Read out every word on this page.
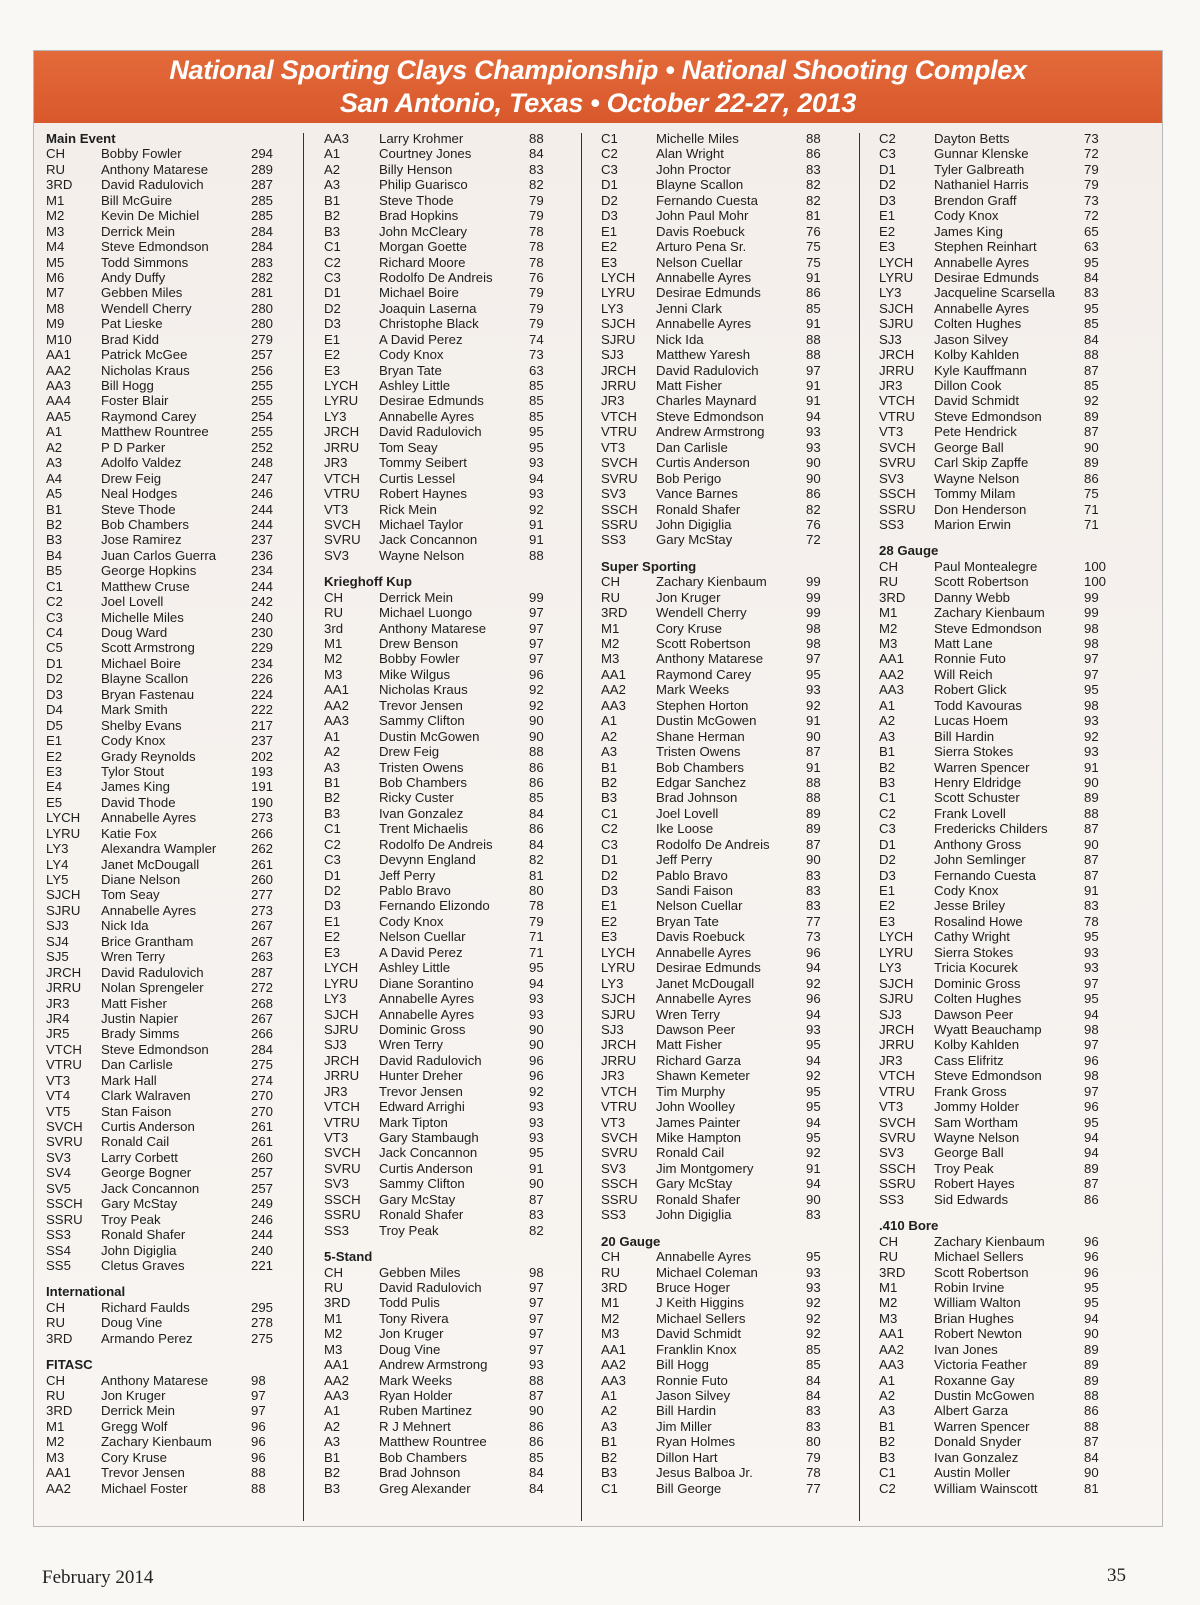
National Sporting Clays Championship • National Shooting Complex
San Antonio, Texas • October 22-27, 2013
Main Event
CH	Bobby Fowler	294
RU	Anthony Matarese	289
3RD	David Radulovich	287
M1	Bill McGuire	285
M2	Kevin De Michiel	285
M3	Derrick Mein	284
M4	Steve Edmondson	284
M5	Todd Simmons	283
M6	Andy Duffy	282
M7	Gebben Miles	281
M8	Wendell Cherry	280
M9	Pat Lieske	280
M10	Brad Kidd	279
AA1	Patrick McGee	257
AA2	Nicholas Kraus	256
AA3	Bill Hogg	255
AA4	Foster Blair	255
AA5	Raymond Carey	254
A1	Matthew Rountree	255
A2	P D Parker	252
A3	Adolfo Valdez	248
A4	Drew Feig	247
A5	Neal Hodges	246
B1	Steve Thode	244
B2	Bob Chambers	244
B3	Jose Ramirez	237
B4	Juan Carlos Guerra	236
B5	George Hopkins	234
C1	Matthew Cruse	244
C2	Joel Lovell	242
C3	Michelle Miles	240
C4	Doug Ward	230
C5	Scott Armstrong	229
D1	Michael Boire	234
D2	Blayne Scallon	226
D3	Bryan Fastenau	224
D4	Mark Smith	222
D5	Shelby Evans	217
E1	Cody Knox	237
E2	Grady Reynolds	202
E3	Tylor Stout	193
E4	James King	191
E5	David Thode	190
LYCH	Annabelle Ayres	273
LYRU	Katie Fox	266
LY3	Alexandra Wampler	262
LY4	Janet McDougall	261
LY5	Diane Nelson	260
SJCH	Tom Seay	277
SJRU	Annabelle Ayres	273
SJ3	Nick Ida	267
SJ4	Brice Grantham	267
SJ5	Wren Terry	263
JRCH	David Radulovich	287
JRRU	Nolan Sprengeler	272
JR3	Matt Fisher	268
JR4	Justin Napier	267
JR5	Brady Simms	266
VTCH	Steve Edmondson	284
VTRU	Dan Carlisle	275
VT3	Mark Hall	274
VT4	Clark Walraven	270
VT5	Stan Faison	270
SVCH	Curtis Anderson	261
SVRU	Ronald Cail	261
SV3	Larry Corbett	260
SV4	George Bogner	257
SV5	Jack Concannon	257
SSCH	Gary McStay	249
SSRU	Troy Peak	246
SS3	Ronald Shafer	244
SS4	John Digiglia	240
SS5	Cletus Graves	221
International
CH	Richard Faulds	295
RU	Doug Vine	278
3RD	Armando Perez	275
FITASC
CH	Anthony Matarese	98
RU	Jon Kruger	97
3RD	Derrick Mein	97
M1	Gregg Wolf	96
M2	Zachary Kienbaum	96
M3	Cory Kruse	96
AA1	Trevor Jensen	88
AA2	Michael Foster	88
AA3	Larry Krohmer	88
A1	Courtney Jones	84
A2	Billy Henson	83
A3	Philip Guarisco	82
B1	Steve Thode	79
B2	Brad Hopkins	79
B3	John McCleary	78
C1	Morgan Goette	78
C2	Richard Moore	78
C3	Rodolfo De Andreis	76
D1	Michael Boire	79
D2	Joaquin Laserna	79
D3	Christophe Black	79
E1	A David Perez	74
E2	Cody Knox	73
E3	Bryan Tate	63
LYCH	Ashley Little	85
LYRU	Desirae Edmunds	85
LY3	Annabelle Ayres	85
JRCH	David Radulovich	95
JRRU	Tom Seay	95
JR3	Tommy Seibert	93
VTCH	Curtis Lessel	94
VTRU	Robert Haynes	93
VT3	Rick Mein	92
SVCH	Michael Taylor	91
SVRU	Jack Concannon	91
SV3	Wayne Nelson	88
Krieghoff Kup
CH	Derrick Mein	99
RU	Michael Luongo	97
3rd	Anthony Matarese	97
M1	Drew Benson	97
M2	Bobby Fowler	97
M3	Mike Wilgus	96
AA1	Nicholas Kraus	92
AA2	Trevor Jensen	92
AA3	Sammy Clifton	90
A1	Dustin McGowen	90
A2	Drew Feig	88
A3	Tristen Owens	86
B1	Bob Chambers	86
B2	Ricky Custer	85
B3	Ivan Gonzalez	84
C1	Trent Michaelis	86
C2	Rodolfo De Andreis	84
C3	Devynn England	82
D1	Jeff Perry	81
D2	Pablo Bravo	80
D3	Fernando Elizondo	78
E1	Cody Knox	79
E2	Nelson Cuellar	71
E3	A David Perez	71
LYCH	Ashley Little	95
LYRU	Diane Sorantino	94
LY3	Annabelle Ayres	93
SJCH	Annabelle Ayres	93
SJRU	Dominic Gross	90
SJ3	Wren Terry	90
JRCH	David Radulovich	96
JRRU	Hunter Dreher	96
JR3	Trevor Jensen	92
VTCH	Edward Arrighi	93
VTRU	Mark Tipton	93
VT3	Gary Stambaugh	93
SVCH	Jack Concannon	95
SVRU	Curtis Anderson	91
SV3	Sammy Clifton	90
SSCH	Gary McStay	87
SSRU	Ronald Shafer	83
SS3	Troy Peak	82
5-Stand
CH	Gebben Miles	98
RU	David Radulovich	97
3RD	Todd Pulis	97
M1	Tony Rivera	97
M2	Jon Kruger	97
M3	Doug Vine	97
AA1	Andrew Armstrong	93
AA2	Mark Weeks	88
AA3	Ryan Holder	87
A1	Ruben Martinez	90
A2	R J Mehnert	86
A3	Matthew Rountree	86
B1	Bob Chambers	85
B2	Brad Johnson	84
B3	Greg Alexander	84
C1	Michelle Miles	88
C2	Alan Wright	86
C3	John Proctor	83
D1	Blayne Scallon	82
D2	Fernando Cuesta	82
D3	John Paul Mohr	81
E1	Davis Roebuck	76
E2	Arturo Pena Sr.	75
E3	Nelson Cuellar	75
LYCH	Annabelle Ayres	91
LYRU	Desirae Edmunds	86
LY3	Jenni Clark	85
SJCH	Annabelle Ayres	91
SJRU	Nick Ida	88
SJ3	Matthew Yaresh	88
JRCH	David Radulovich	97
JRRU	Matt Fisher	91
JR3	Charles Maynard	91
VTCH	Steve Edmondson	94
VTRU	Andrew Armstrong	93
VT3	Dan Carlisle	93
SVCH	Curtis Anderson	90
SVRU	Bob Perigo	90
SV3	Vance Barnes	86
SSCH	Ronald Shafer	82
SSRU	John Digiglia	76
SS3	Gary McStay	72
Super Sporting
CH	Zachary Kienbaum	99
RU	Jon Kruger	99
3RD	Wendell Cherry	99
M1	Cory Kruse	98
M2	Scott Robertson	98
M3	Anthony Matarese	97
AA1	Raymond Carey	95
AA2	Mark Weeks	93
AA3	Stephen Horton	92
A1	Dustin McGowen	91
A2	Shane Herman	90
A3	Tristen Owens	87
B1	Bob Chambers	91
B2	Edgar Sanchez	88
B3	Brad Johnson	88
C1	Joel Lovell	89
C2	Ike Loose	89
C3	Rodolfo De Andreis	87
D1	Jeff Perry	90
D2	Pablo Bravo	83
D3	Sandi Faison	83
E1	Nelson Cuellar	83
E2	Bryan Tate	77
E3	Davis Roebuck	73
LYCH	Annabelle Ayres	96
LYRU	Desirae Edmunds	94
LY3	Janet McDougall	92
SJCH	Annabelle Ayres	96
SJRU	Wren Terry	94
SJ3	Dawson Peer	93
JRCH	Matt Fisher	95
JRRU	Richard Garza	94
JR3	Shawn Kemeter	92
VTCH	Tim Murphy	95
VTRU	John Woolley	95
VT3	James Painter	94
SVCH	Mike Hampton	95
SVRU	Ronald Cail	92
SV3	Jim Montgomery	91
SSCH	Gary McStay	94
SSRU	Ronald Shafer	90
SS3	John Digiglia	83
20 Gauge
CH	Annabelle Ayres	95
RU	Michael Coleman	93
3RD	Bruce Hoger	93
M1	J Keith Higgins	92
M2	Michael Sellers	92
M3	David Schmidt	92
AA1	Franklin Knox	85
AA2	Bill Hogg	85
AA3	Ronnie Futo	84
A1	Jason Silvey	84
A2	Bill Hardin	83
A3	Jim Miller	83
B1	Ryan Holmes	80
B2	Dillon Hart	79
B3	Jesus Balboa Jr.	78
C1	Bill George	77
C2	Dayton Betts	73
C3	Gunnar Klenske	72
D1	Tyler Galbreath	79
D2	Nathaniel Harris	79
D3	Brendon Graff	73
E1	Cody Knox	72
E2	James King	65
E3	Stephen Reinhart	63
LYCH	Annabelle Ayres	95
LYRU	Desirae Edmunds	84
LY3	Jacqueline Scarsella	83
SJCH	Annabelle Ayres	95
SJRU	Colten Hughes	85
SJ3	Jason Silvey	84
JRCH	Kolby Kahlden	88
JRRU	Kyle Kauffmann	87
JR3	Dillon Cook	85
VTCH	David Schmidt	92
VTRU	Steve Edmondson	89
VT3	Pete Hendrick	87
SVCH	George Ball	90
SVRU	Carl Skip Zapffe	89
SV3	Wayne Nelson	86
SSCH	Tommy Milam	75
SSRU	Don Henderson	71
SS3	Marion Erwin	71
28 Gauge
CH	Paul Montealegre	100
RU	Scott Robertson	100
3RD	Danny Webb	99
M1	Zachary Kienbaum	99
M2	Steve Edmondson	98
M3	Matt Lane	98
AA1	Ronnie Futo	97
AA2	Will Reich	97
AA3	Robert Glick	95
A1	Todd Kavouras	98
A2	Lucas Hoem	93
A3	Bill Hardin	92
B1	Sierra Stokes	93
B2	Warren Spencer	91
B3	Henry Eldridge	90
C1	Scott Schuster	89
C2	Frank Lovell	88
C3	Fredericks Childers	87
D1	Anthony Gross	90
D2	John Semlinger	87
D3	Fernando Cuesta	87
E1	Cody Knox	91
E2	Jesse Briley	83
E3	Rosalind Howe	78
LYCH	Cathy Wright	95
LYRU	Sierra Stokes	93
LY3	Tricia Kocurek	93
SJCH	Dominic Gross	97
SJRU	Colten Hughes	95
SJ3	Dawson Peer	94
JRCH	Wyatt Beauchamp	98
JRRU	Kolby Kahlden	97
JR3	Cass Elifritz	96
VTCH	Steve Edmondson	98
VTRU	Frank Gross	97
VT3	Jommy Holder	96
SVCH	Sam Wortham	95
SVRU	Wayne Nelson	94
SV3	George Ball	94
SSCH	Troy Peak	89
SSRU	Robert Hayes	87
SS3	Sid Edwards	86
.410 Bore
CH	Zachary Kienbaum	96
RU	Michael Sellers	96
3RD	Scott Robertson	96
M1	Robin Irvine	95
M2	William Walton	95
M3	Brian Hughes	94
AA1	Robert Newton	90
AA2	Ivan Jones	89
AA3	Victoria Feather	89
A1	Roxanne Gay	89
A2	Dustin McGowen	88
A3	Albert Garza	86
B1	Warren Spencer	88
B2	Donald Snyder	87
B3	Ivan Gonzalez	84
C1	Austin Moller	90
C2	William Wainscott	81
February 2014	35
